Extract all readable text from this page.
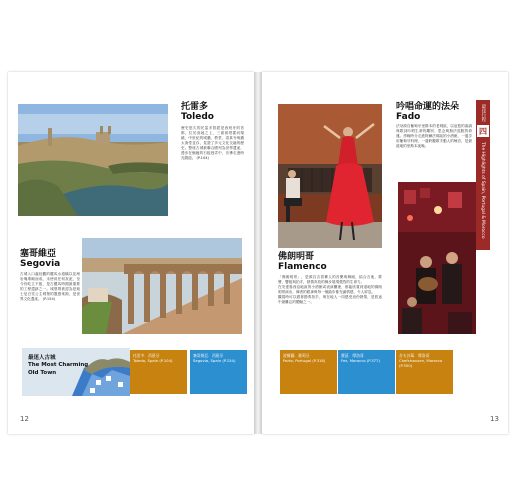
托雷多
Toledo
歷史悠久的托雷多曾經是西班牙的首都，位於高地之上，三面被塔霍河環繞，中世紀的城牆、教堂、清真寺與猶太會堂並存，見證了多元文化交融的歷史。整座古城被聯合國列為世界遺產，漫步在蜿蜒的石板巷弄中，彷彿走進時光隧道。 (P.104)
塞哥維亞
Segovia
古城入口處壯觀的羅馬水道橋以花崗岩塊堆砌而成，未使用任何灰泥，至今仍屹立不搖，是古羅馬時期最重要的工程遺跡之一。城堡則被認為是迪士尼白雪公主城堡的靈感來源，是世界文化遺產。 (P.154)
佛朗明哥
Flamenco
「佛朗明哥」，是源自吉普賽人的音樂與舞蹈，結合吉他、歌聲、響板與拍手，熱情奔放的舞步展現強烈的生命力。
在安達魯西亞地區的小酒館或表演廳裡，都能欣賞到道地的佛朗明哥演出，舞者的眼神與每一個踏步都充滿情感，令人屏息。
觀賞時可以跟著節奏拍手，與在地人一同感受這份熱情，是旅途中最難忘的體驗之一。
吟唱命運的法朵
Fado
法朵源自葡萄牙里斯本的老城區，以哀愁的曲調與歌詞吟唱生命的離別、思念與無法逃脫的命運。傍晚時分走進阿爾法瑪區的小酒館，一邊享用葡萄牙料理，一邊聆聽歌手動人的嗓音，是最道地的里斯本夜晚。
四
最佳行程
The Highlights of Spain, Portugal & Morocco
最迷人古城
The Most Charming
Old Town
托雷多．西班牙
Toledo, Spain (P.104)
塞哥維亞．西班牙
Segovia, Spain (P.154)
波爾圖．葡萄牙
Porto, Portugal (P.318)
費茲．摩洛哥
Fez, Morocco (P.377)
舍夫沙萬．摩洛哥
Chefchaouen, Morocco (P.350)
12	13
